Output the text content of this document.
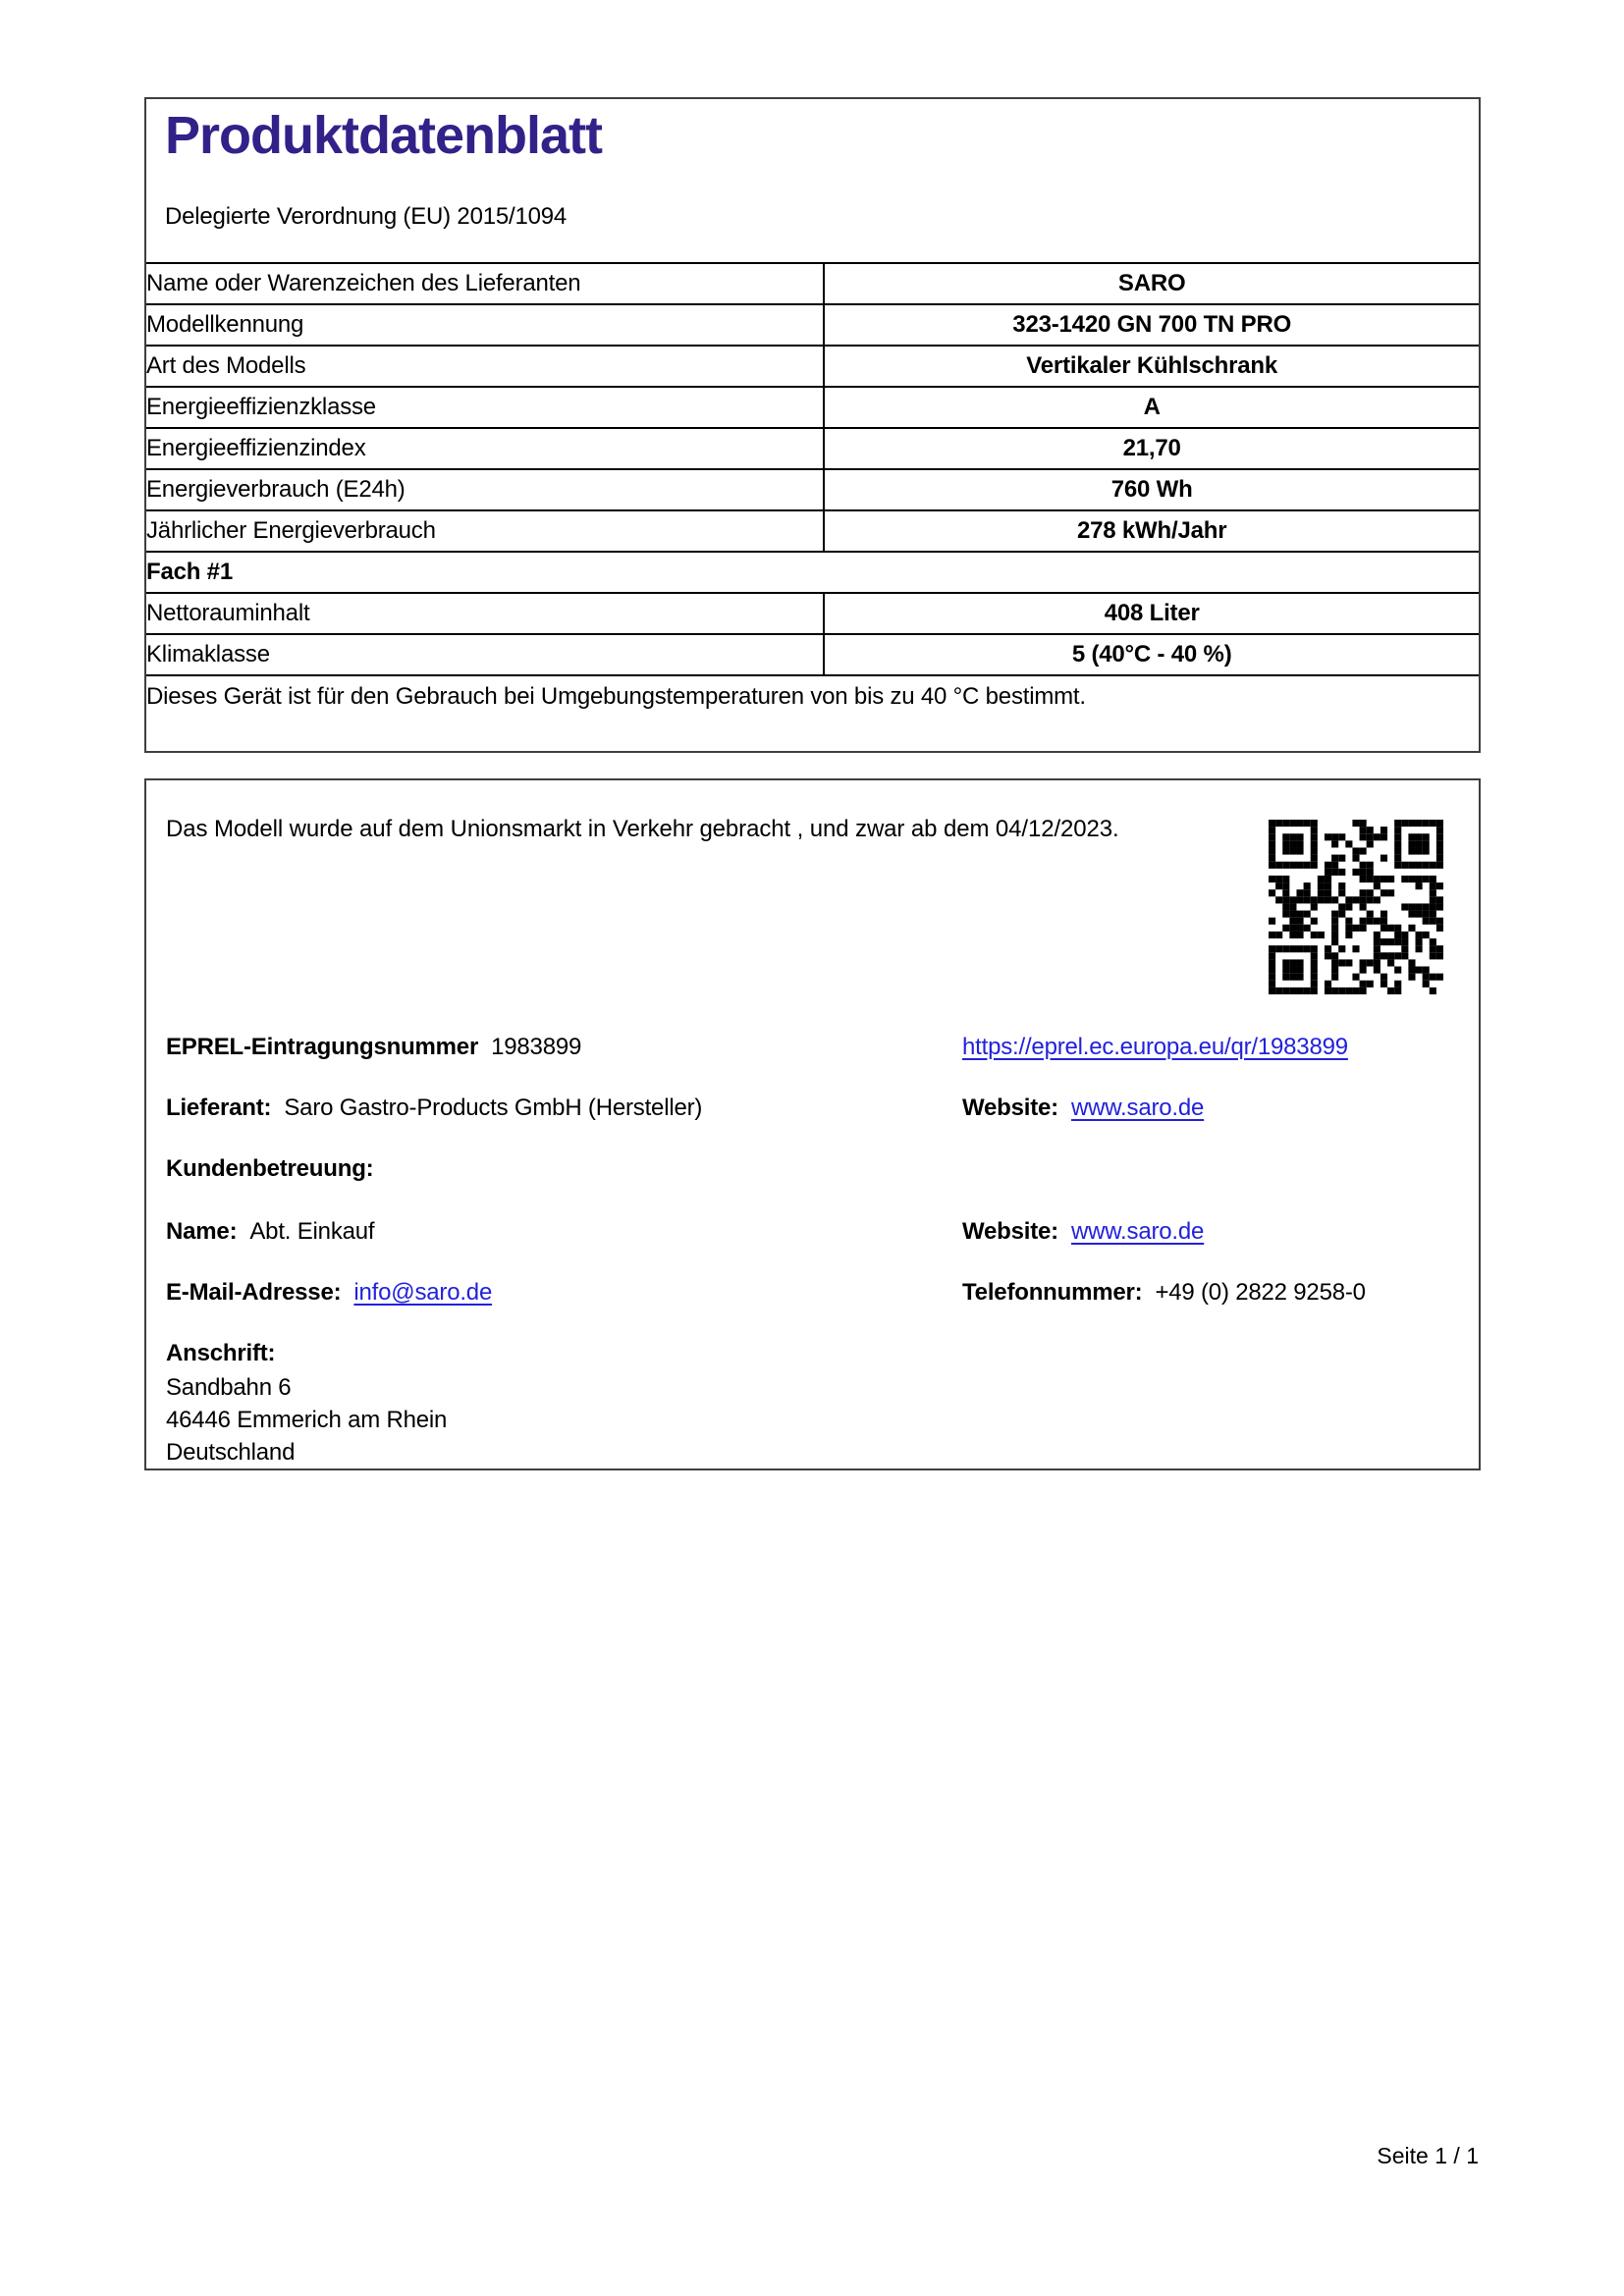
Produktdatenblatt
Delegierte Verordnung (EU) 2015/1094
Name oder Warenzeichen des Lieferanten	SARO
Modellkennung	323-1420 GN 700 TN PRO
Art des Modells	Vertikaler Kühlschrank
Energieeffizienzklasse	A
Energieeffizienzindex	21,70
Energieverbrauch (E24h)	760 Wh
Jährlicher Energieverbrauch	278 kWh/Jahr
Fach #1	
Nettorauminhalt	408 Liter
Klimaklasse	5 (40°C - 40 %)
Dieses Gerät ist für den Gebrauch bei Umgebungstemperaturen von bis zu 40 °C bestimmt.	
Das Modell wurde auf dem Unionsmarkt in Verkehr gebracht , und zwar ab dem 04/12/2023.
EPREL-Eintragungsnummer 1983899	https://eprel.ec.europa.eu/qr/1983899
Lieferant: Saro Gastro-Products GmbH (Hersteller)	Website: www.saro.de
Kundenbetreuung:
Name: Abt. Einkauf	Website: www.saro.de
E-Mail-Adresse: info@saro.de	Telefonnummer: +49 (0) 2822 9258-0
Anschrift:
Sandbahn 6
46446 Emmerich am Rhein
Deutschland
Seite 1 / 1
